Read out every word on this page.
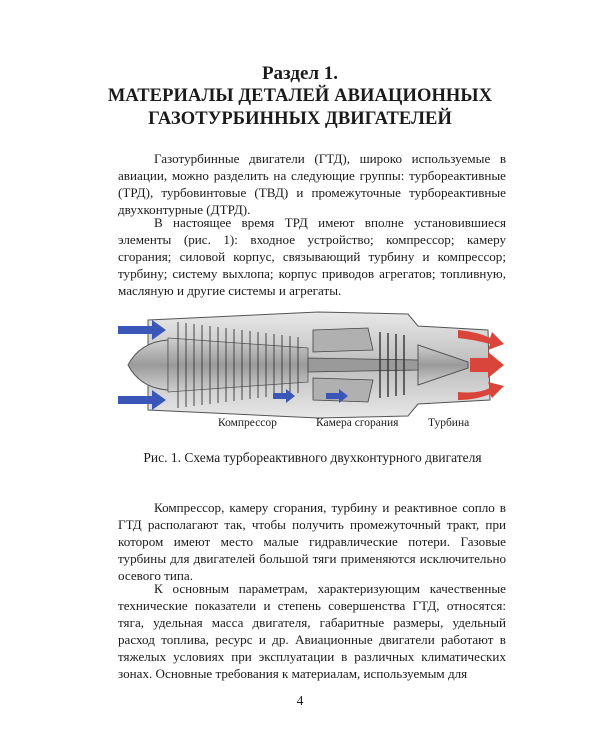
Раздел 1.
МАТЕРИАЛЫ ДЕТАЛЕЙ АВИАЦИОННЫХ
ГАЗОТУРБИННЫХ ДВИГАТЕЛЕЙ

Газотурбинные двигатели (ГТД), широко используемые в авиации, можно разделить на следующие группы: турбореактивные (ТРД), турбовинтовые (ТВД) и промежуточные турбореактивные двухконтурные (ДТРД).

В настоящее время ТРД имеют вполне установившиеся элементы (рис. 1): входное устройство; компрессор; камеру сгорания; силовой корпус, связывающий турбину и компрессор; турбину; систему выхлопа; корпус приводов агрегатов; топливную, масляную и другие системы и агрегаты.

Компрессор	Камера сгорания	Турбина
Рис. 1. Схема турбореактивного двухконтурного двигателя

Компрессор, камеру сгорания, турбину и реактивное сопло в ГТД располагают так, чтобы получить промежуточный тракт, при котором имеют место малые гидравлические потери. Газовые турбины для двигателей большой тяги применяются исключительно осевого типа.

К основным параметрам, характеризующим качественные технические показатели и степень совершенства ГТД, относятся: тяга, удельная масса двигателя, габаритные размеры, удельный расход топлива, ресурс и др. Авиационные двигатели работают в тяжелых условиях при эксплуатации в различных климатических зонах. Основные требования к материалам, используемым для

4
